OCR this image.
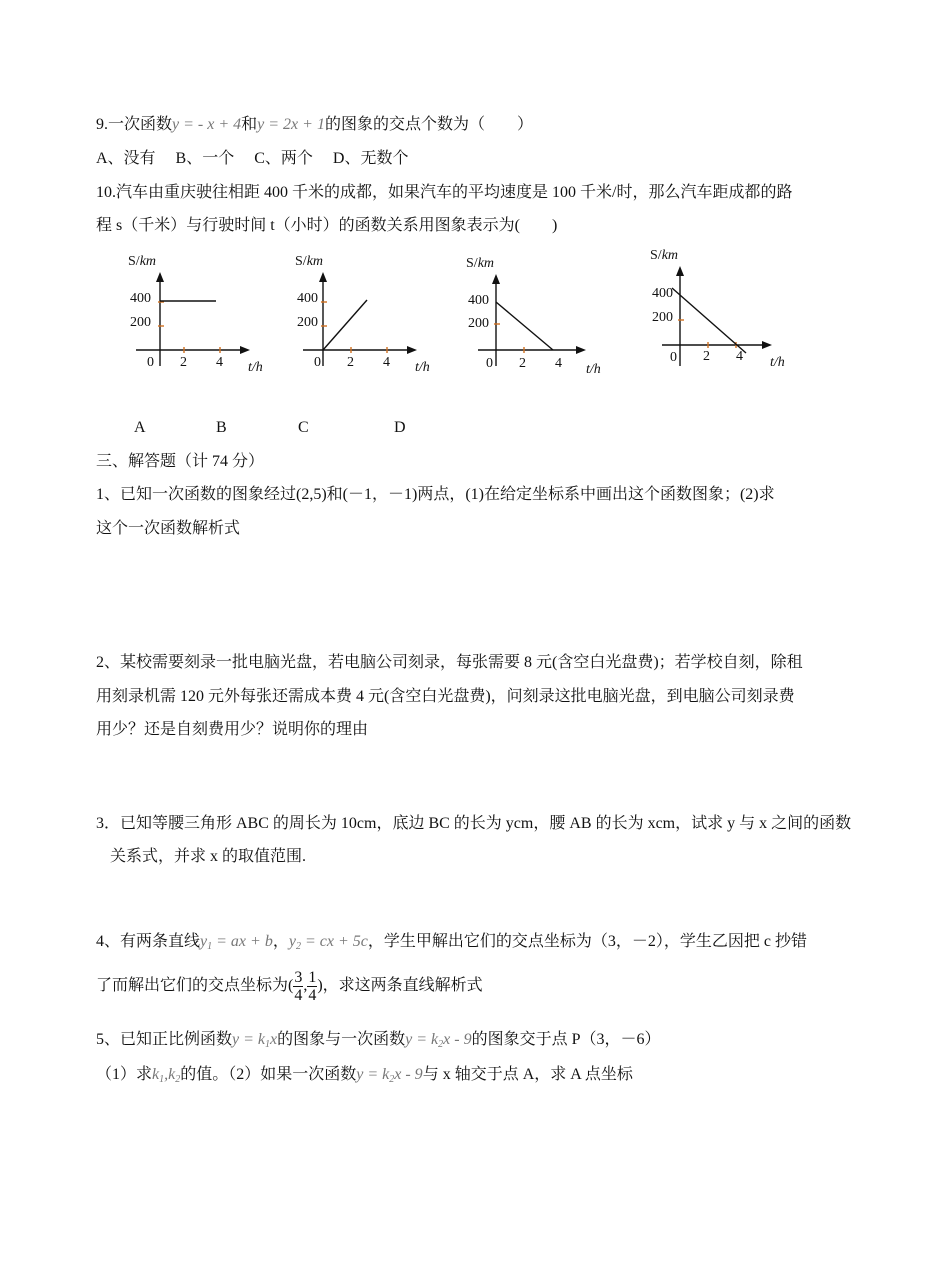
9.一次函数y = - x + 4和y = 2x + 1的图象的交点个数为（　　）
A、没有　 B、一个　 C、两个　 D、无数个
10.汽车由重庆驶往相距 400 千米的成都，如果汽车的平均速度是 100 千米/时，那么汽车距成都的路
程 s（千米）与行驶时间 t（小时）的函数关系用图象表示为(　　)
S/km
400
200
0 2 4 t/h
S/km
400
200
0 2 4 t/h
S/km
400
200
0 2 4 t/h
S/km
400
200
0 2 4 t/h
A	B	C	D
三、解答题（计 74 分）
1、已知一次函数的图象经过(2,5)和(－1，－1)两点，(1)在给定坐标系中画出这个函数图象；(2)求
这个一次函数解析式
2、某校需要刻录一批电脑光盘，若电脑公司刻录，每张需要 8 元(含空白光盘费)；若学校自刻，除租
用刻录机需 120 元外每张还需成本费 4 元(含空白光盘费)，问刻录这批电脑光盘，到电脑公司刻录费
用少？还是自刻费用少？说明你的理由
3．已知等腰三角形 ABC 的周长为 10cm，底边 BC 的长为 ycm，腰 AB 的长为 xcm，试求 y 与 x 之间的函数
关系式，并求 x 的取值范围.
4、有两条直线$y_1$ = ax + b，$y_2$ = cx + 5c，学生甲解出它们的交点坐标为（3，－2），学生乙因把 c 抄错
了而解出它们的交点坐标为( $\frac{3}{4}$ , $\frac{1}{4}$ )，求这两条直线解析式
5、已知正比例函数$y = k_1x$的图象与一次函数$y = k_2x - 9$的图象交于点 P（3，－6）
（1）求$k_1,k_2$的值。（2）如果一次函数$y = k_2x - 9$与 x 轴交于点 A，求 A 点坐标
